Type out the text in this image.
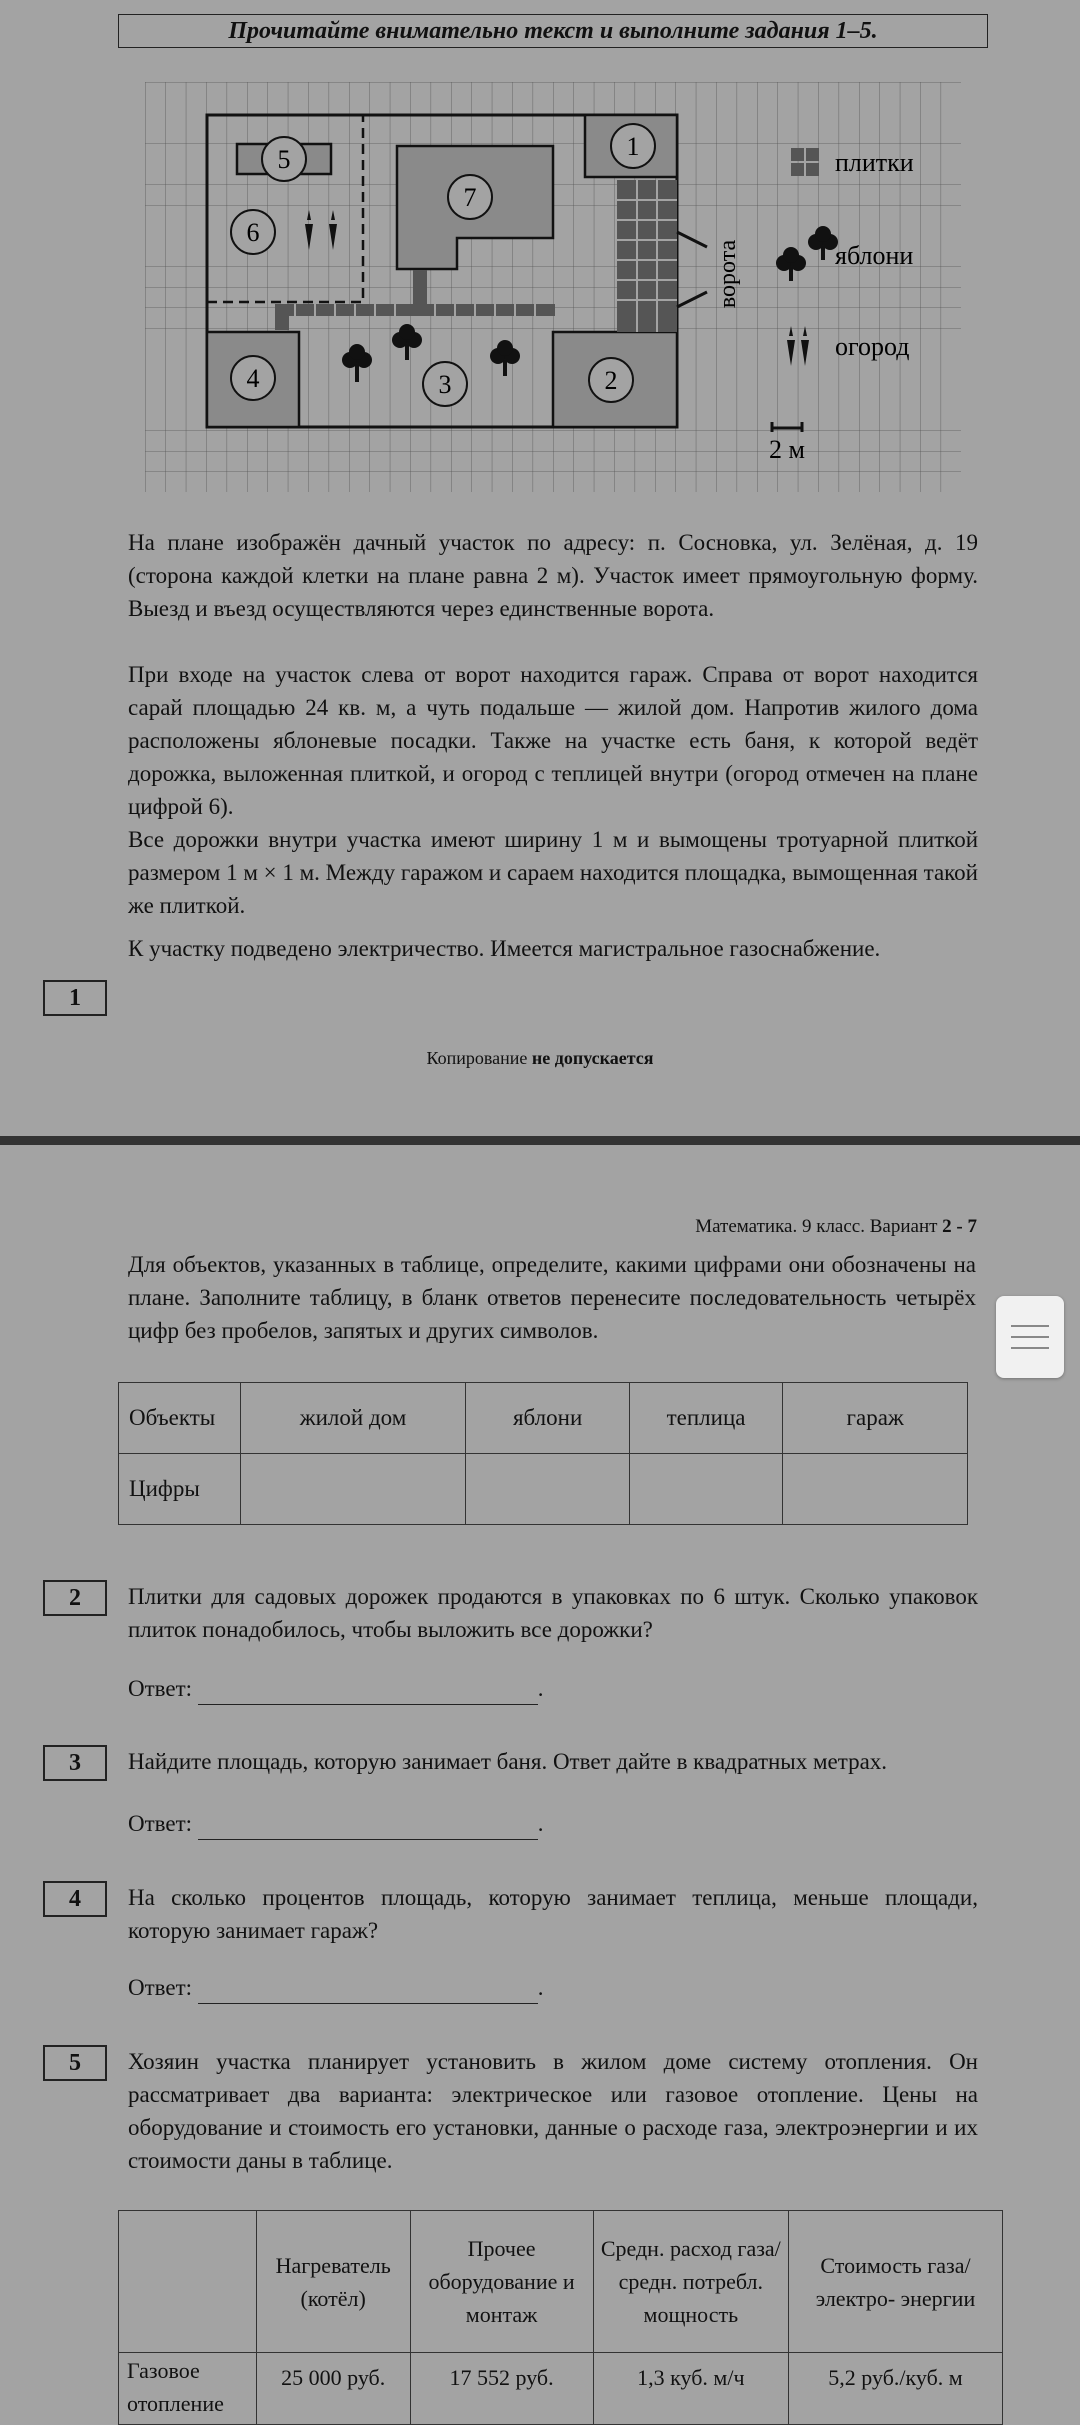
Прочитайте внимательно текст и выполните задания 1–5.
ворота
1
2
3
4
5
6
7
плитки
яблони
огород
2 м
На плане изображён дачный участок по адресу: п. Сосновка, ул. Зелёная, д. 19 (сторона каждой клетки на плане равна 2 м). Участок имеет прямоугольную форму. Выезд и въезд осуществляются через единственные ворота.
При входе на участок слева от ворот находится гараж. Справа от ворот находится сарай площадью 24 кв. м, а чуть подальше — жилой дом. Напротив жилого дома расположены яблоневые посадки. Также на участке есть баня, к которой ведёт дорожка, выложенная плиткой, и огород с теплицей внутри (огород отмечен на плане цифрой 6).
Все дорожки внутри участка имеют ширину 1 м и вымощены тротуарной плиткой размером 1 м × 1 м. Между гаражом и сараем находится площадка, вымощенная такой же плиткой.
К участку подведено электричество. Имеется магистральное газоснабжение.
1
Копирование не допускается
Математика. 9 класс. Вариант 2 - 7
Для объектов, указанных в таблице, определите, какими цифрами они обозначены на плане. Заполните таблицу, в бланк ответов перенесите последовательность четырёх цифр без пробелов, запятых и других символов.
Объекты	жилой дом	яблони	теплица	гараж
Цифры				
2	Плитки для садовых дорожек продаются в упаковках по 6 штук. Сколько упаковок плиток понадобилось, чтобы выложить все дорожки?
Ответ:	.
3	Найдите площадь, которую занимает баня. Ответ дайте в квадратных метрах.
Ответ:	.
4	На сколько процентов площадь, которую занимает теплица, меньше площади, которую занимает гараж?
Ответ:	.
5	Хозяин участка планирует установить в жилом доме систему отопления. Он рассматривает два варианта: электрическое или газовое отопление. Цены на оборудование и стоимость его установки, данные о расходе газа, электроэнергии и их стоимости даны в таблице.
	Нагреватель (котёл)	Прочее оборудование и монтаж	Средн. расход газа/ средн. потребл. мощность	Стоимость газа/электро- энергии
Газовое отопление	25 000 руб.	17 552 руб.	1,3 куб. м/ч	5,2 руб./куб. м
